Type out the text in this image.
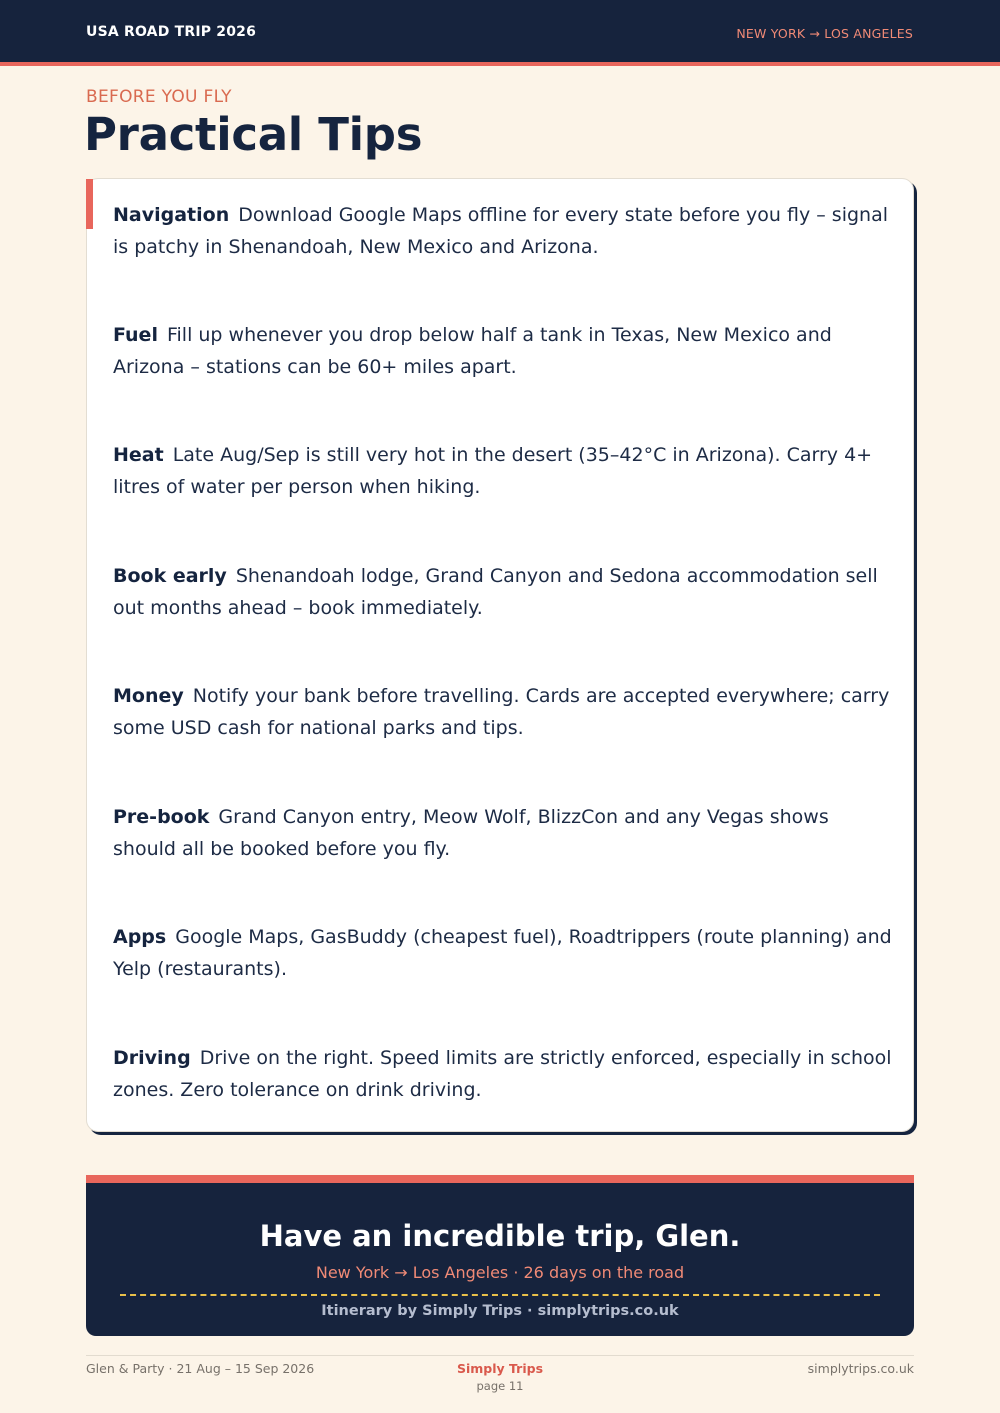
USA ROAD TRIP 2026	NEW YORK → LOS ANGELES
BEFORE YOU FLY
Practical Tips
Navigation Download Google Maps offline for every state before you fly – signal is patchy in Shenandoah, New Mexico and Arizona.
Fuel Fill up whenever you drop below half a tank in Texas, New Mexico and Arizona – stations can be 60+ miles apart.
Heat Late Aug/Sep is still very hot in the desert (35–42°C in Arizona). Carry 4+ litres of water per person when hiking.
Book early Shenandoah lodge, Grand Canyon and Sedona accommodation sell out months ahead – book immediately.
Money Notify your bank before travelling. Cards are accepted everywhere; carry some USD cash for national parks and tips.
Pre-book Grand Canyon entry, Meow Wolf, BlizzCon and any Vegas shows should all be booked before you fly.
Apps Google Maps, GasBuddy (cheapest fuel), Roadtrippers (route planning) and Yelp (restaurants).
Driving Drive on the right. Speed limits are strictly enforced, especially in school zones. Zero tolerance on drink driving.
Have an incredible trip, Glen.
New York → Los Angeles · 26 days on the road
Itinerary by Simply Trips · simplytrips.co.uk
Glen & Party · 21 Aug – 15 Sep 2026	Simply Trips
page 11
simplytrips.co.uk
